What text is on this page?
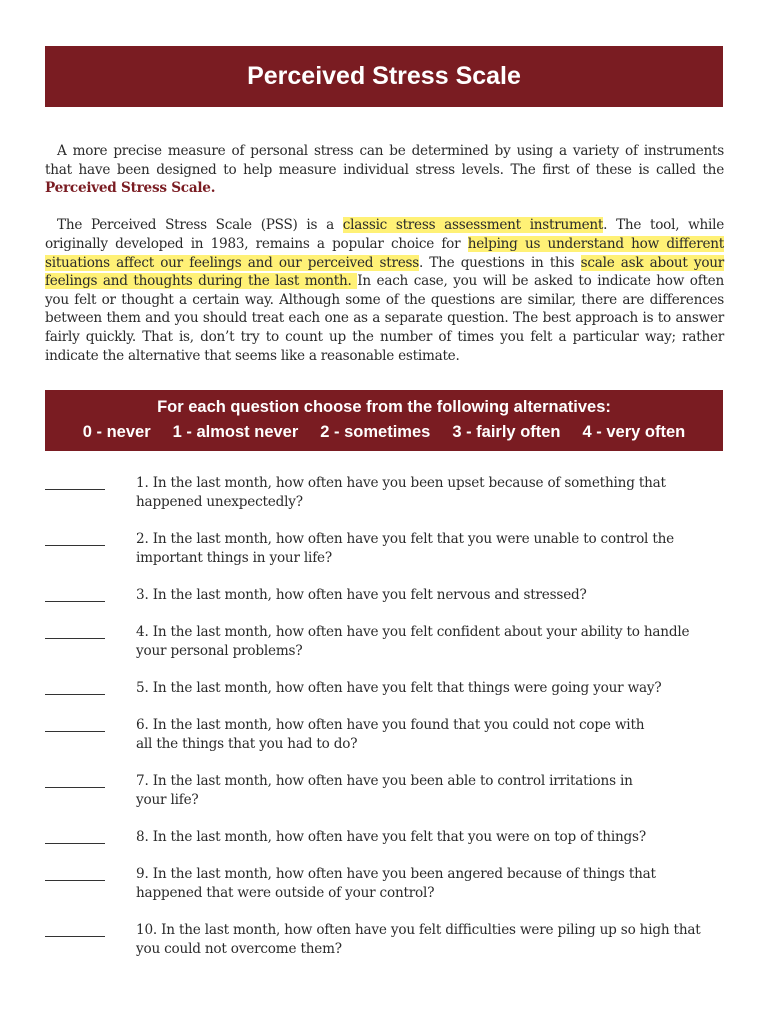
Perceived Stress Scale

A more precise measure of personal stress can be determined by using a variety of instruments that have been designed to help measure individual stress levels. The first of these is called the Perceived Stress Scale.

The Perceived Stress Scale (PSS) is a classic stress assessment instrument. The tool, while originally developed in 1983, remains a popular choice for helping us understand how different situations affect our feelings and our perceived stress. The questions in this scale ask about your feelings and thoughts during the last month. In each case, you will be asked to indicate how often you felt or thought a certain way. Although some of the questions are similar, there are differences between them and you should treat each one as a separate question. The best approach is to answer fairly quickly. That is, don’t try to count up the number of times you felt a particular way; rather indicate the alternative that seems like a reasonable estimate.

For each question choose from the following alternatives:
0 - never 1 - almost never 2 - sometimes 3 - fairly often 4 - very often
1. In the last month, how often have you been upset because of something that
happened unexpectedly?
2. In the last month, how often have you felt that you were unable to control the
important things in your life?
3. In the last month, how often have you felt nervous and stressed?
4. In the last month, how often have you felt confident about your ability to handle
your personal problems?
5. In the last month, how often have you felt that things were going your way?
6. In the last month, how often have you found that you could not cope with
all the things that you had to do?
7. In the last month, how often have you been able to control irritations in
your life?
8. In the last month, how often have you felt that you were on top of things?
9. In the last month, how often have you been angered because of things that
happened that were outside of your control?
10. In the last month, how often have you felt difficulties were piling up so high that
you could not overcome them?
